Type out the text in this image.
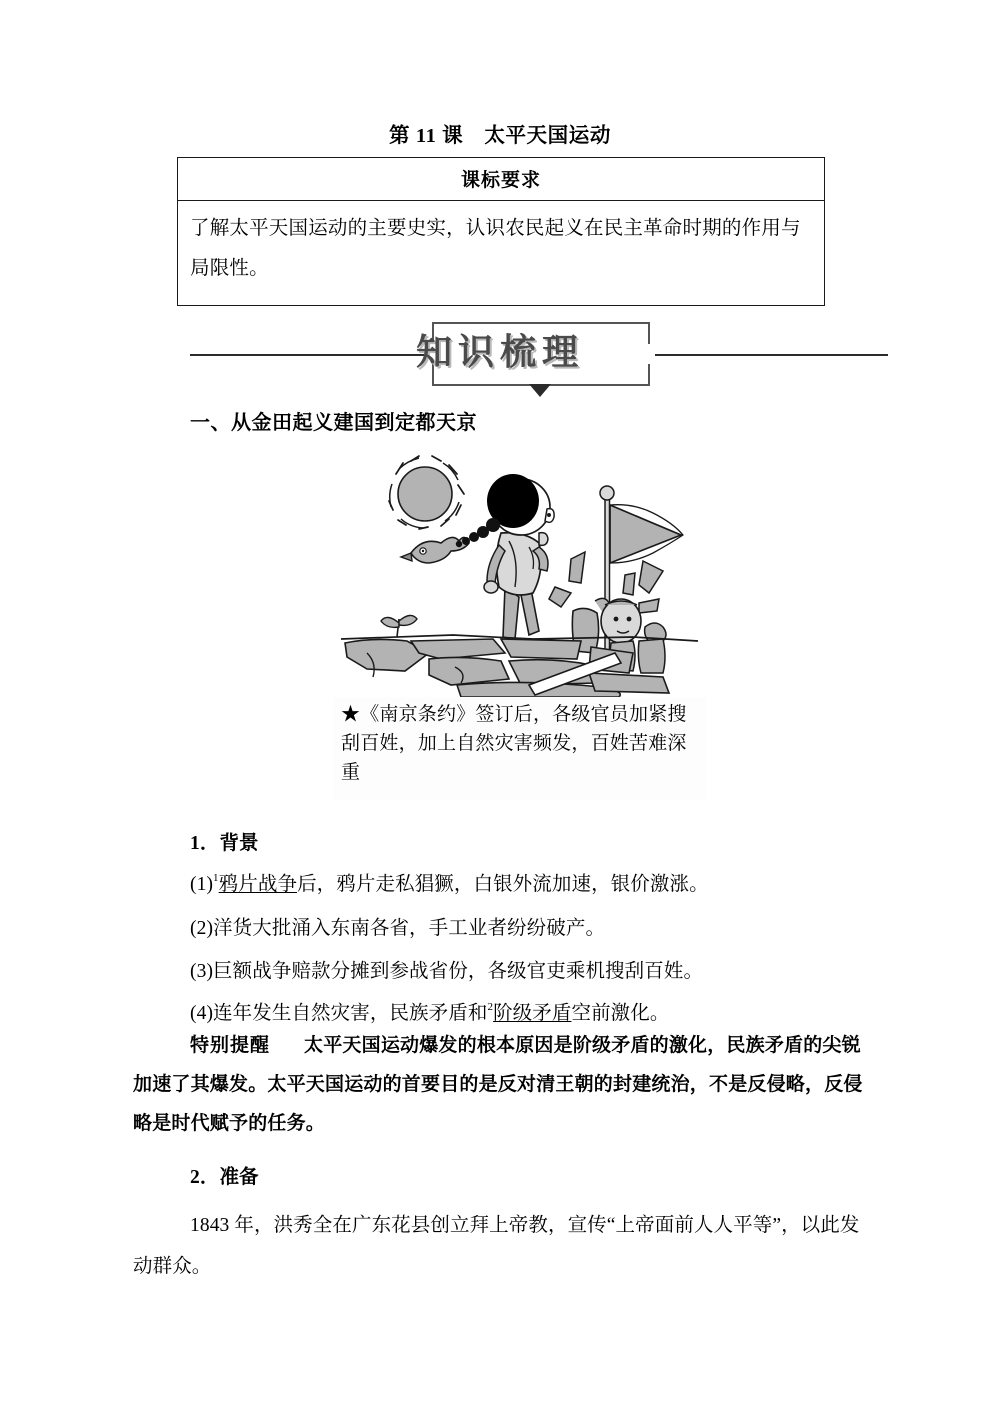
第 11 课　太平天国运动
课标要求
了解太平天国运动的主要史实，认识农民起义在民主革命时期的作用与局限性。
知识梳理
一、从金田起义建国到定都天京
★《南京条约》签订后，各级官员加紧搜刮百姓，加上自然灾害频发，百姓苦难深重
1．背景
$(1)^1$鸦片战争后，鸦片走私猖獗，白银外流加速，银价激涨。
(2)洋货大批涌入东南各省，手工业者纷纷破产。
(3)巨额战争赔款分摊到参战省份，各级官吏乘机搜刮百姓。
(4)连年发生自然灾害，民族矛盾和$^2$阶级矛盾空前激化。
特别提醒 太平天国运动爆发的根本原因是阶级矛盾的激化，民族矛盾的尖锐加速了其爆发。太平天国运动的首要目的是反对清王朝的封建统治，不是反侵略，反侵略是时代赋予的任务。
2．准备
1843 年，洪秀全在广东花县创立拜上帝教，宣传“上帝面前人人平等”，以此发动群众。
